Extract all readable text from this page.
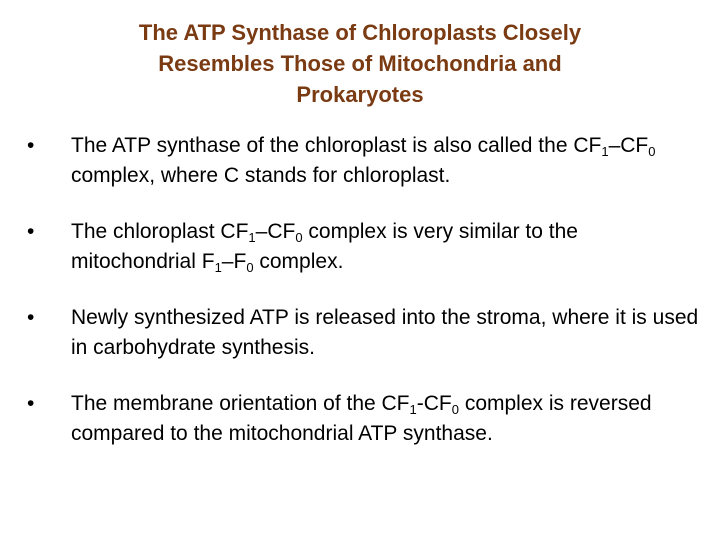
The ATP Synthase of Chloroplasts Closely
Resembles Those of Mitochondria and
Prokaryotes
•	The ATP synthase of the chloroplast is also called the $CF_1-CF_0$ complex, where C stands for chloroplast.
•	The chloroplast $CF_1-CF_0$ complex is very similar to the mitochondrial $F_1-F_0$ complex.
•	Newly synthesized ATP is released into the stroma, where it is used in carbohydrate synthesis.
•	The membrane orientation of the $CF_1-CF_0$ complex is reversed compared to the mitochondrial ATP synthase.
